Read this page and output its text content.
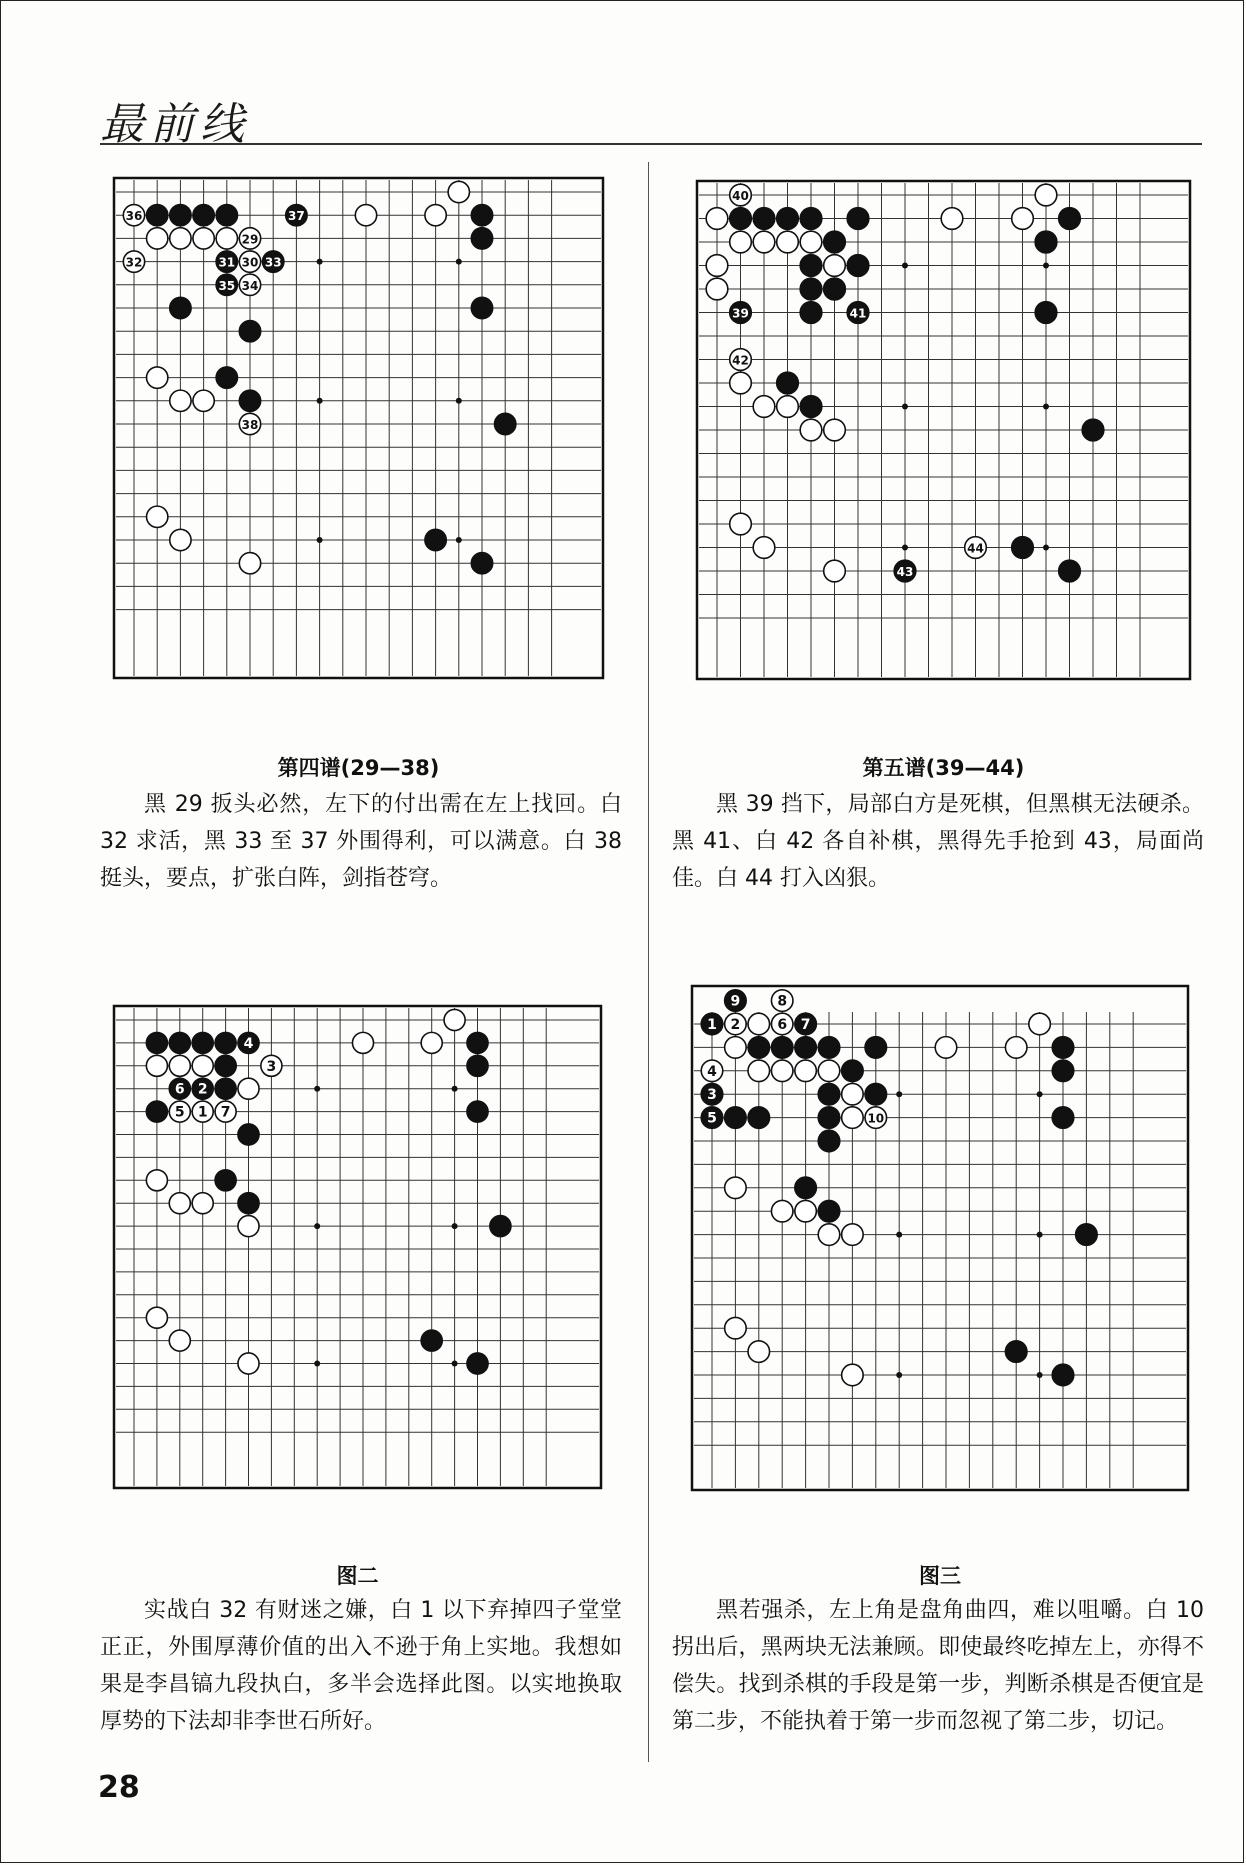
最前线
36	37
29
32	31 30 33
35 34
38
第四谱(29—38)
黑 29 扳头必然，左下的付出需在左上找回。白 32 求活，黑 33 至 37 外围得利，可以满意。白 38 挺头，要点，扩张白阵，剑指苍穹。
40
39	41
42
43
44
第五谱(39—44)
黑 39 挡下，局部白方是死棋，但黑棋无法硬杀。黑 41、白 42 各自补棋，黑得先手抢到 43，局面尚佳。白 44 打入凶狠。
4
3
6 2
5 1 7
图二
实战白 32 有财迷之嫌，白 1 以下弃掉四子堂堂正正，外围厚薄价值的出入不逊于角上实地。我想如果是李昌镐九段执白，多半会选择此图。以实地换取厚势的下法却非李世石所好。
9	8
1 2	6 7
4
3
5	10
图三
黑若强杀，左上角是盘角曲四，难以咀嚼。白 10 拐出后，黑两块无法兼顾。即使最终吃掉左上，亦得不偿失。找到杀棋的手段是第一步，判断杀棋是否便宜是第二步，不能执着于第一步而忽视了第二步，切记。
28
